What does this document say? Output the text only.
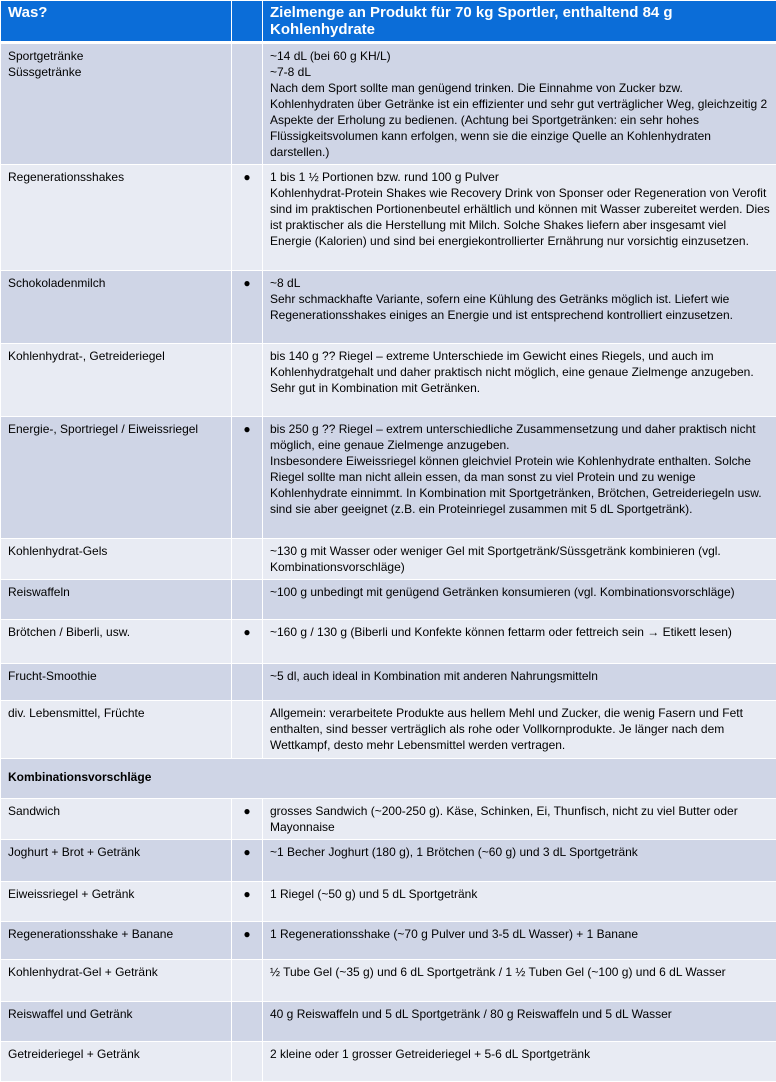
Was?		Zielmenge an Produkt für 70 kg Sportler, enthaltend 84 g Kohlenhydrate

Sportgetränke
Süssgetränke		~14 dL (bei 60 g KH/L)
~7-8 dL
Nach dem Sport sollte man genügend trinken. Die Einnahme von Zucker bzw. Kohlenhydraten über Getränke ist ein effizienter und sehr gut verträglicher Weg, gleichzeitig 2 Aspekte der Erholung zu bedienen. (Achtung bei Sportgetränken: ein sehr hohes Flüssigkeitsvolumen kann erfolgen, wenn sie die einzige Quelle an Kohlenhydraten darstellen.)

Regenerationsshakes	●	1 bis 1 ½ Portionen bzw. rund 100 g Pulver
Kohlenhydrat-Protein Shakes wie Recovery Drink von Sponser oder Regeneration von Verofit sind im praktischen Portionenbeutel erhältlich und können mit Wasser zubereitet werden. Dies ist praktischer als die Herstellung mit Milch. Solche Shakes liefern aber insgesamt viel Energie (Kalorien) und sind bei energiekontrollierter Ernährung nur vorsichtig einzusetzen.

Schokoladenmilch	●	~8 dL
Sehr schmackhafte Variante, sofern eine Kühlung des Getränks möglich ist. Liefert wie Regenerationsshakes einiges an Energie und ist entsprechend kontrolliert einzusetzen.

Kohlenhydrat-, Getreideriegel		bis 140 g ?? Riegel – extreme Unterschiede im Gewicht eines Riegels, und auch im Kohlenhydratgehalt und daher praktisch nicht möglich, eine genaue Zielmenge anzugeben.
Sehr gut in Kombination mit Getränken.

Energie-, Sportriegel / Eiweissriegel	●	bis 250 g ?? Riegel – extrem unterschiedliche Zusammensetzung und daher praktisch nicht möglich, eine genaue Zielmenge anzugeben.
Insbesondere Eiweissriegel können gleichviel Protein wie Kohlenhydrate enthalten. Solche Riegel sollte man nicht allein essen, da man sonst zu viel Protein und zu wenige Kohlenhydrate einnimmt. In Kombination mit Sportgetränken, Brötchen, Getreideriegeln usw. sind sie aber geeignet (z.B. ein Proteinriegel zusammen mit 5 dL Sportgetränk).

Kohlenhydrat-Gels		~130 g mit Wasser oder weniger Gel mit Sportgetränk/Süssgetränk kombinieren (vgl. Kombinationsvorschläge)

Reiswaffeln		~100 g unbedingt mit genügend Getränken konsumieren (vgl. Kombinationsvorschläge)

Brötchen / Biberli, usw.	●	~160 g / 130 g (Biberli und Konfekte können fettarm oder fettreich sein → Etikett lesen)

Frucht-Smoothie		~5 dl, auch ideal in Kombination mit anderen Nahrungsmitteln

div. Lebensmittel, Früchte		Allgemein: verarbeitete Produkte aus hellem Mehl und Zucker, die wenig Fasern und Fett enthalten, sind besser verträglich als rohe oder Vollkornprodukte. Je länger nach dem Wettkampf, desto mehr Lebensmittel werden vertragen.

Kombinationsvorschläge		

Sandwich	●	grosses Sandwich (~200-250 g). Käse, Schinken, Ei, Thunfisch, nicht zu viel Butter oder Mayonnaise

Joghurt + Brot + Getränk	●	~1 Becher Joghurt (180 g), 1 Brötchen (~60 g) und 3 dL Sportgetränk

Eiweissriegel + Getränk	●	1 Riegel (~50 g) und 5 dL Sportgetränk

Regenerationsshake + Banane	●	1 Regenerationsshake (~70 g Pulver und 3-5 dL Wasser) + 1 Banane

Kohlenhydrat-Gel + Getränk		½ Tube Gel (~35 g) und 6 dL Sportgetränk / 1 ½ Tuben Gel (~100 g) und 6 dL Wasser

Reiswaffel und Getränk		40 g Reiswaffeln und 5 dL Sportgetränk / 80 g Reiswaffeln und 5 dL Wasser

Getreideriegel + Getränk		2 kleine oder 1 grosser Getreideriegel + 5-6 dL Sportgetränk
